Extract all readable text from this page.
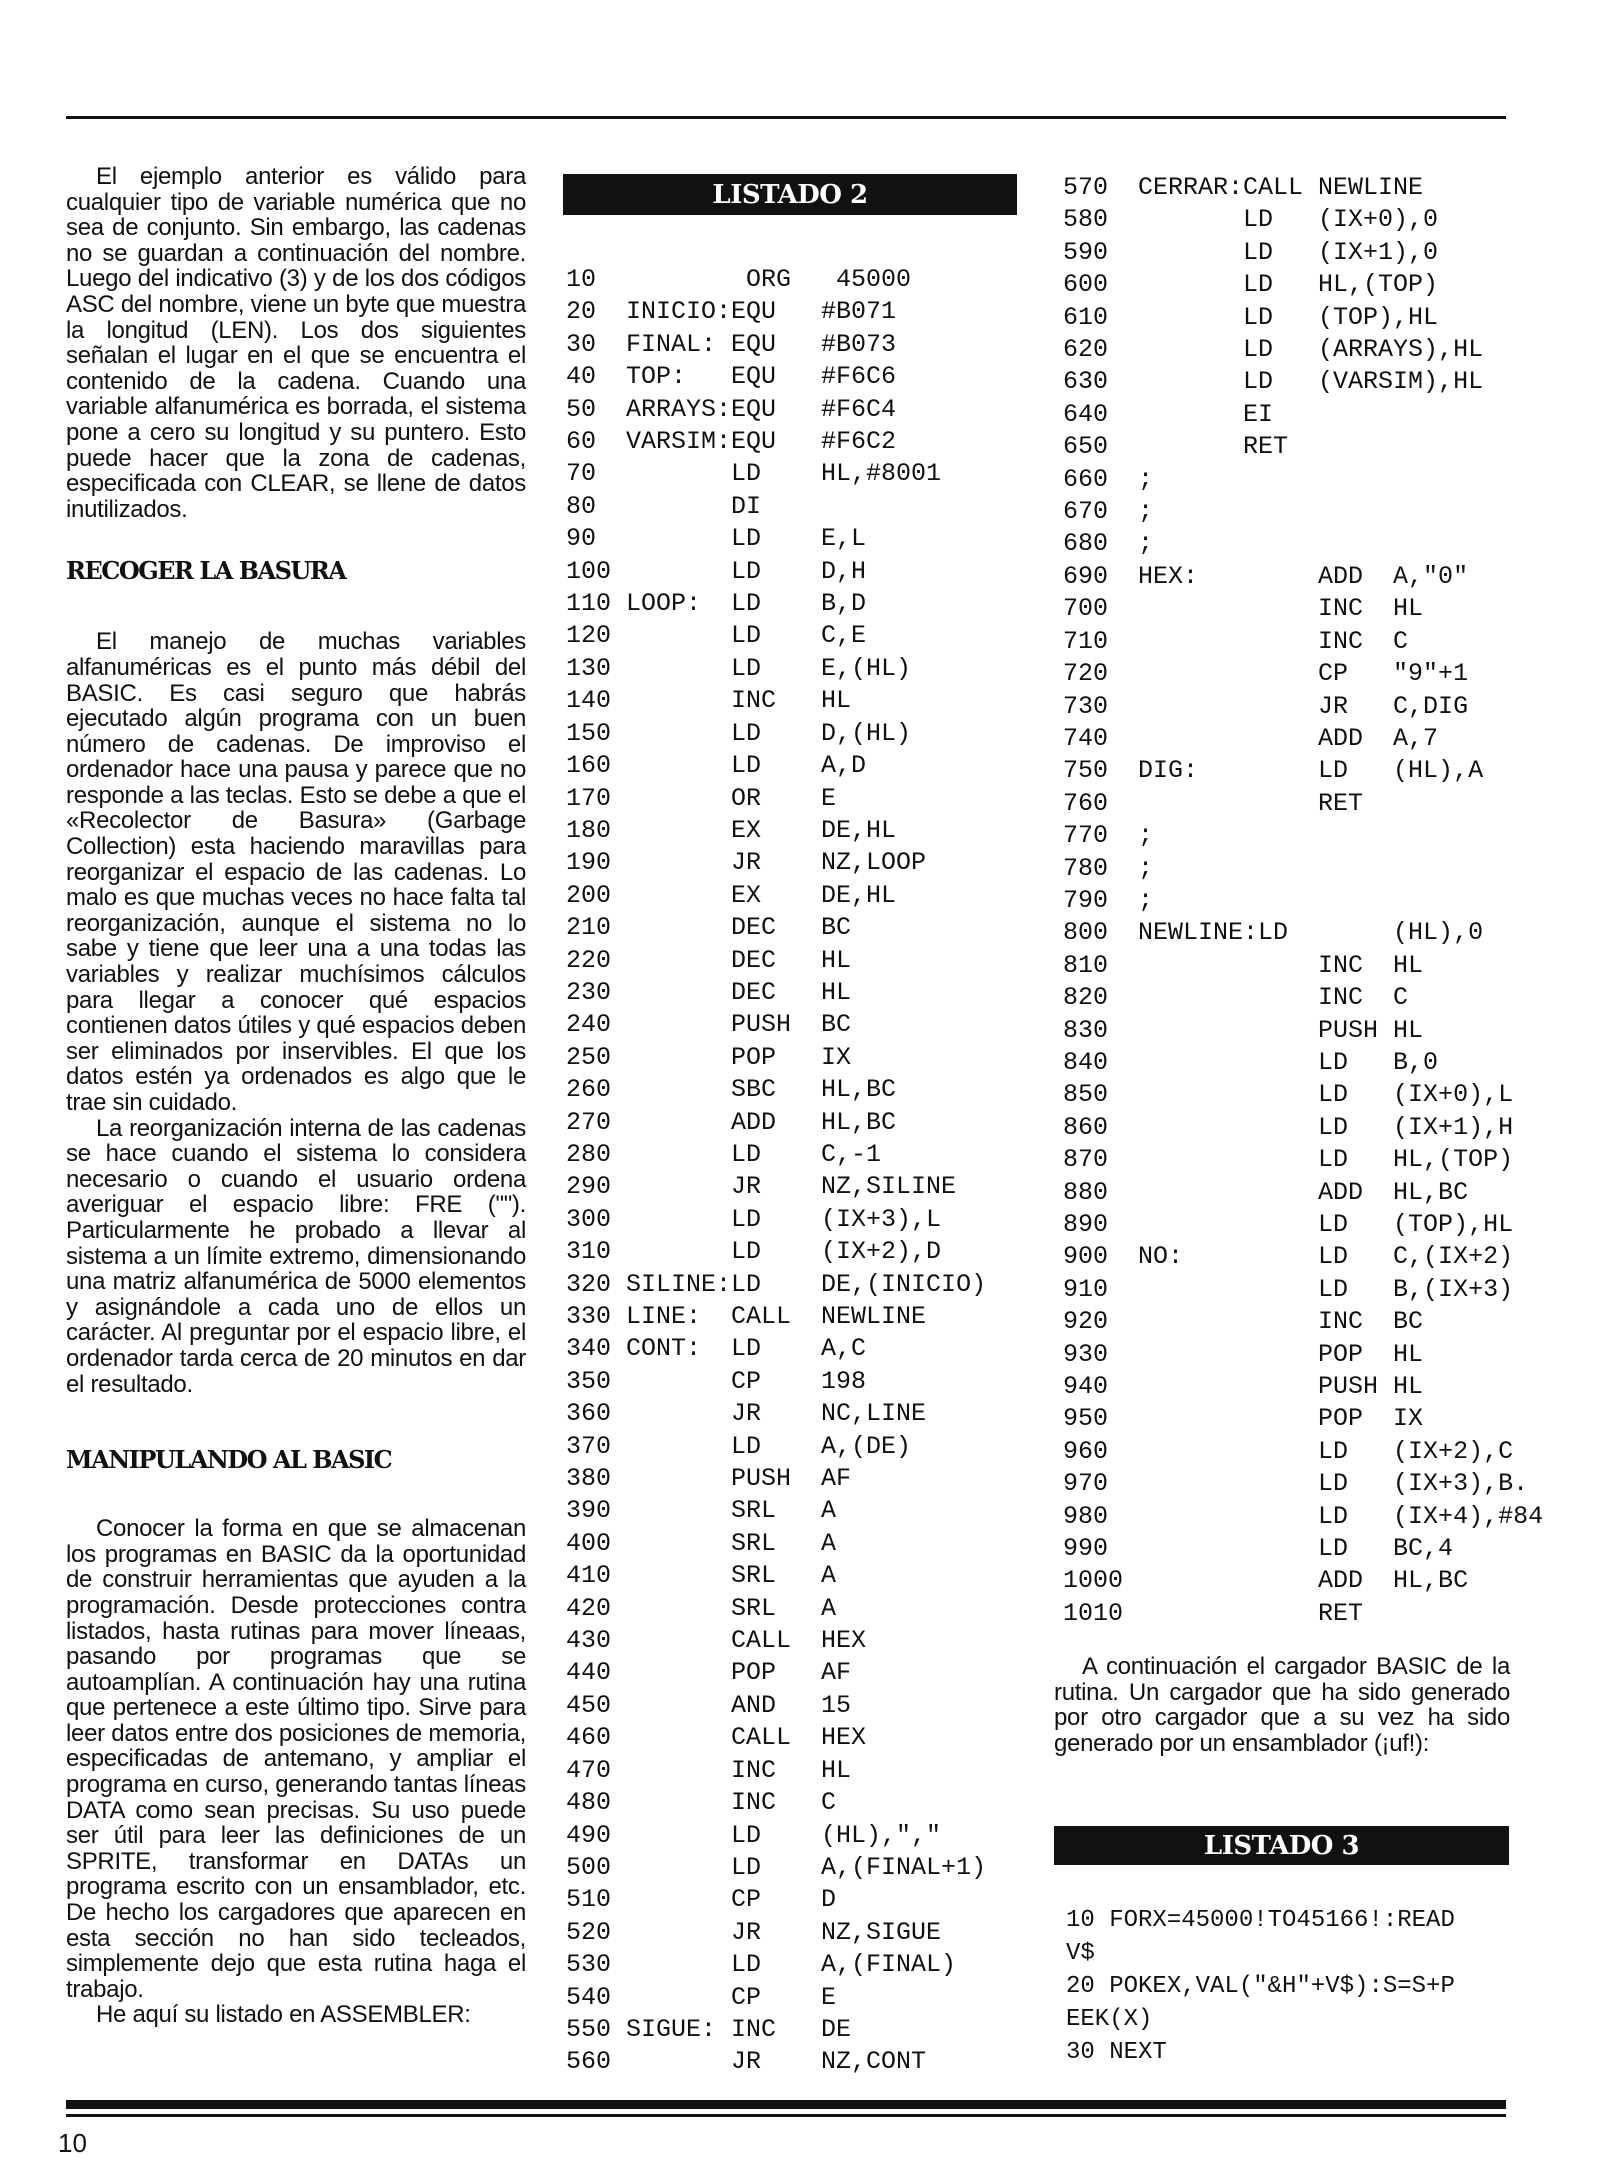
El ejemplo anterior es válido para cualquier tipo de variable numérica que no sea de conjunto. Sin embargo, las cadenas no se guardan a continuación del nombre. Luego del indicativo (3) y de los dos códigos ASC del nombre, viene un byte que muestra la longitud (LEN). Los dos siguientes señalan el lugar en el que se encuentra el contenido de la cadena. Cuando una variable alfanumérica es borrada, el sistema pone a cero su longitud y su puntero. Esto puede hacer que la zona de cadenas, especificada con CLEAR, se llene de datos inutilizados.

RECOGER LA BASURA

El manejo de muchas variables alfanuméricas es el punto más débil del BASIC. Es casi seguro que habrás ejecutado algún programa con un buen número de cadenas. De improviso el ordenador hace una pausa y parece que no responde a las teclas. Esto se debe a que el «Recolector de Basura» (Garbage Collection) esta haciendo maravillas para reorganizar el espacio de las cadenas. Lo malo es que muchas veces no hace falta tal reorganización, aunque el sistema no lo sabe y tiene que leer una a una todas las variables y realizar muchísimos cálculos para llegar a conocer qué espacios contienen datos útiles y qué espacios deben ser eliminados por inservibles. El que los datos estén ya ordenados es algo que le trae sin cuidado.

La reorganización interna de las cadenas se hace cuando el sistema lo considera necesario o cuando el usuario ordena averiguar el espacio libre: FRE (""). Particularmente he probado a llevar al sistema a un límite extremo, dimensionando una matriz alfanumérica de 5000 elementos y asignándole a cada uno de ellos un carácter. Al preguntar por el espacio libre, el ordenador tarda cerca de 20 minutos en dar el resultado.

MANIPULANDO AL BASIC

Conocer la forma en que se almacenan los programas en BASIC da la oportunidad de construir herramientas que ayuden a la programación. Desde protecciones contra listados, hasta rutinas para mover líneaas, pasando por programas que se autoamplían. A continuación hay una rutina que pertenece a este último tipo. Sirve para leer datos entre dos posiciones de memoria, especificadas de antemano, y ampliar el programa en curso, generando tantas líneas DATA como sean precisas. Su uso puede ser útil para leer las definiciones de un SPRITE, transformar en DATAs un programa escrito con un ensamblador, etc. De hecho los cargadores que aparecen en esta sección no han sido tecleados, simplemente dejo que esta rutina haga el trabajo.

He aquí su listado en ASSEMBLER:

LISTADO 2
10          ORG   45000
20  INICIO:EQU   #B071
30  FINAL: EQU   #B073
40  TOP:   EQU   #F6C6
50  ARRAYS:EQU   #F6C4
60  VARSIM:EQU   #F6C2
70         LD    HL,#8001
80         DI
90         LD    E,L
100        LD    D,H
110 LOOP:  LD    B,D
120        LD    C,E
130        LD    E,(HL)
140        INC   HL
150        LD    D,(HL)
160        LD    A,D
170        OR    E
180        EX    DE,HL
190        JR    NZ,LOOP
200        EX    DE,HL
210        DEC   BC
220        DEC   HL
230        DEC   HL
240        PUSH  BC
250        POP   IX
260        SBC   HL,BC
270        ADD   HL,BC
280        LD    C,-1
290        JR    NZ,SILINE
300        LD    (IX+3),L
310        LD    (IX+2),D
320 SILINE:LD    DE,(INICIO)
330 LINE:  CALL  NEWLINE
340 CONT:  LD    A,C
350        CP    198
360        JR    NC,LINE
370        LD    A,(DE)
380        PUSH  AF
390        SRL   A
400        SRL   A
410        SRL   A
420        SRL   A
430        CALL  HEX
440        POP   AF
450        AND   15
460        CALL  HEX
470        INC   HL
480        INC   C
490        LD    (HL),","
500        LD    A,(FINAL+1)
510        CP    D
520        JR    NZ,SIGUE
530        LD    A,(FINAL)
540        CP    E
550 SIGUE: INC   DE
560        JR    NZ,CONT
570  CERRAR:CALL NEWLINE
580         LD   (IX+0),0
590         LD   (IX+1),0
600         LD   HL,(TOP)
610         LD   (TOP),HL
620         LD   (ARRAYS),HL
630         LD   (VARSIM),HL
640         EI
650         RET
660  ;
670  ;
680  ;
690  HEX:        ADD  A,"0"
700              INC  HL
710              INC  C
720              CP   "9"+1
730              JR   C,DIG
740              ADD  A,7
750  DIG:        LD   (HL),A
760              RET
770  ;
780  ;
790  ;
800  NEWLINE:LD       (HL),0
810              INC  HL
820              INC  C
830              PUSH HL
840              LD   B,0
850              LD   (IX+0),L
860              LD   (IX+1),H
870              LD   HL,(TOP)
880              ADD  HL,BC
890              LD   (TOP),HL
900  NO:         LD   C,(IX+2)
910              LD   B,(IX+3)
920              INC  BC
930              POP  HL
940              PUSH HL
950              POP  IX
960              LD   (IX+2),C
970              LD   (IX+3),B.
980              LD   (IX+4),#84
990              LD   BC,4
1000             ADD  HL,BC
1010             RET

A continuación el cargador BASIC de la rutina. Un cargador que ha sido generado por otro cargador que a su vez ha sido generado por un ensamblador (¡uf!):

LISTADO 3
10 FORX=45000!TO45166!:READ
V$
20 POKEX,VAL("&H"+V$):S=S+P
EEK(X)
30 NEXT
10
